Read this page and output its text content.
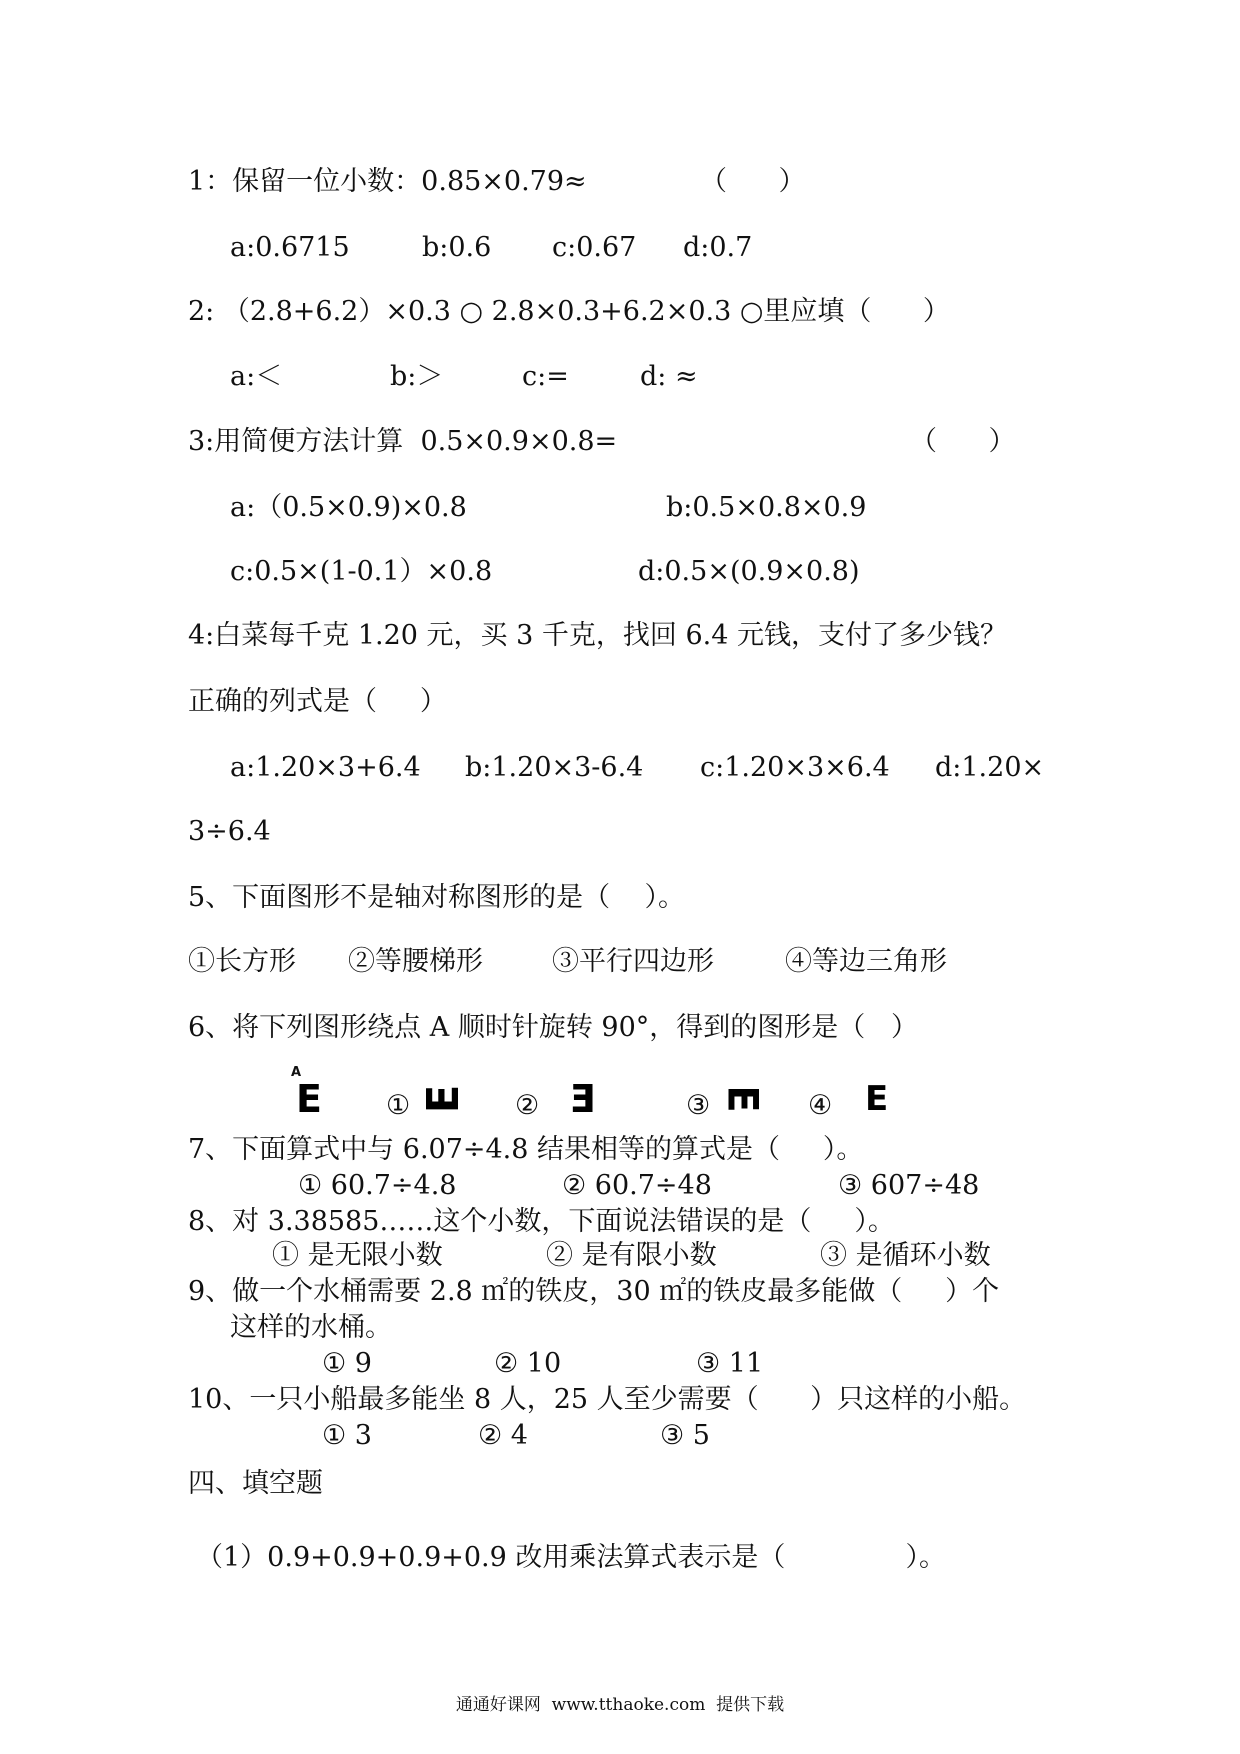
1：保留一位小数：0.85×0.79≈	（      ）
a:0.6715	b:0.6 c:0.67 d:0.7
2: （2.8+6.2）×0.3 ○ 2.8×0.3+6.2×0.3 ○里应填（      ）
a:＜	b:＞	c:=	d: ≈
3:用简便方法计算  0.5×0.9×0.8=	（      ）
a:（0.5×0.9)×0.8	b:0.5×0.8×0.9
c:0.5×(1-0.1）×0.8	d:0.5×(0.9×0.8)
4:白菜每千克 1.20 元，买 3 千克，找回 6.4 元钱，支付了多少钱？
正确的列式是（     ）
a:1.20×3+6.4 b:1.20×3-6.4 c:1.20×3×6.4 d:1.20×
3÷6.4
5、下面图形不是轴对称图形的是（    ）。
①长方形 ②等腰梯形	③平行四边形	④等边三角形
6、将下列图形绕点 A 顺时针旋转 90°，得到的图形是（   ）
A
E ① E ② E	③ E ④ E
7、下面算式中与 6.07÷4.8 结果相等的算式是（     ）。
① 60.7÷4.8	② 60.7÷48	③ 607÷48
8、对 3.38585……这个小数，下面说法错误的是（     ）。
① 是无限小数	② 是有限小数	③ 是循环小数
9、做一个水桶需要 2.8 ㎡的铁皮，30 ㎡的铁皮最多能做（     ）个
这样的水桶。
① 9	② 10	③ 11
10、一只小船最多能坐 8 人，25 人至少需要（      ）只这样的小船。
① 3	② 4	③ 5
四、填空题
（1）0.9+0.9+0.9+0.9 改用乘法算式表示是（              ）。
通通好课网  www.tthaoke.com  提供下载
